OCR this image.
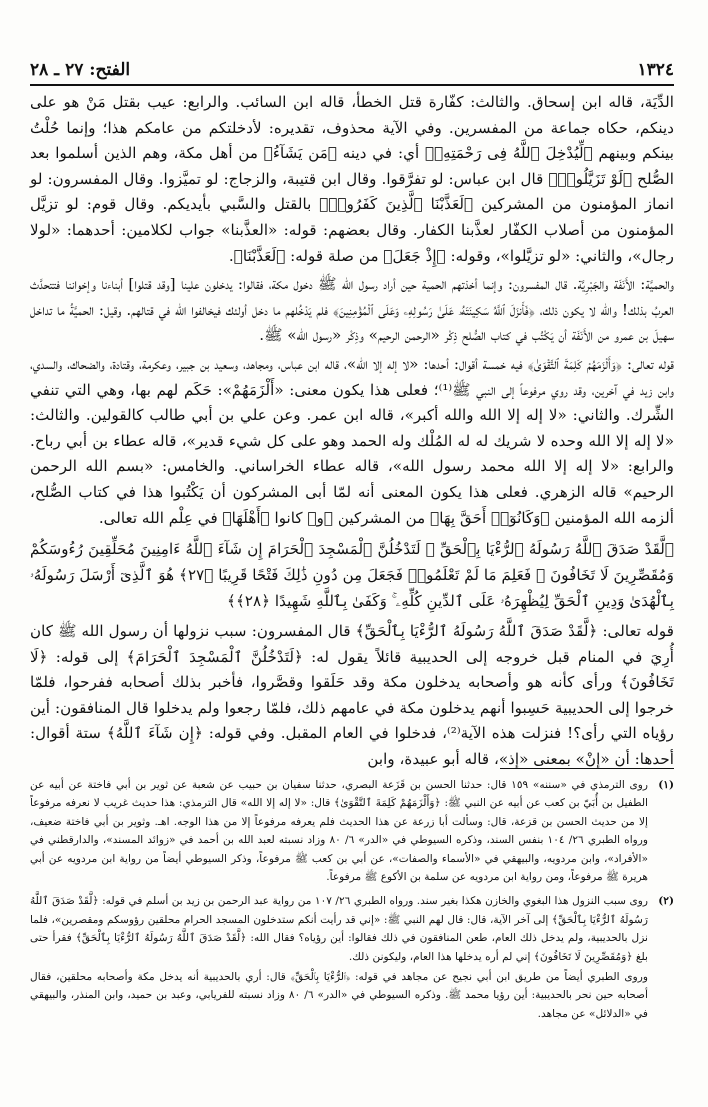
الفتح: ٢٧ ـ ٢٨	١٣٢٤

الدِّيَة، قاله ابن إسحاق. والثالث: كفّارة قتل الخطأ، قاله ابن السائب. والرابع: عيب بقتل مَنْ هو على دينكم، حكاه جماعة من المفسرين. وفي الآية محذوف، تقديره: لأدخلتكم من عامكم هذا؛ وإنما حُلْتُ بينكم وبينهم ﴿لِّيُدْخِلَ ٱللَّهُ فِى رَحْمَتِهِۦ﴾ أي: في دينه ﴿مَن يَشَآءُ﴾ من أهل مكة، وهم الذين أسلموا بعد الصُّلح ﴿لَوْ تَزَيَّلُوا۟﴾ قال ابن عباس: لو تفرَّقوا. وقال ابن قتيبة، والزجاج: لو تميَّزوا. وقال المفسرون: لو انماز المؤمنون من المشركين ﴿لَعَذَّبْنَا ٱلَّذِينَ كَفَرُوا۟﴾ بالقتل والسَّبي بأيديكم. وقال قوم: لو تزيَّل المؤمنون من أصلاب الكفّار لعذَّبنا الكفار. وقال بعضهم: قوله: «العذَّبنا» جواب لكلامين: أحدهما: «لولا رجال»، والثاني: «لو تزيَّلوا»، وقوله: ﴿إِذْ جَعَلَ﴾ من صلة قوله: ﴿لَعَذَّبْنَا﴾.

والحميَّة: الأَنَفَة والجَبْرِيَّة. قال المفسرون: وإنما أخذتهم الحمية حين أراد رسول الله ﷺ دخول مكة، فقالوا: يدخلون علينا [وقد قتلوا] أبناءنا وإخواننا فتتحدَّث العربُ بذلك! والله لا يكون ذلك، ﴿فَأَنزَلَ ٱللَّهُ سَكِينَتَهُۥ عَلَىٰ رَسُولِهِۦ وَعَلَى ٱلْمُؤْمِنِينَ﴾ فلم يَدْخُلهم ما دخل أولئك فيخالفوا الله في قتالهم. وقيل: الحميَّةُ ما تداخل سهيلَ بن عمرو من الأَنَفَة أن يَكْتُب في كتاب الصُّلح ذِكْر «الرحمن الرحيم» وذِكْر «رسول الله» ﷺ.

قوله تعالى: ﴿وَأَلْزَمَهُمْ كَلِمَةَ ٱلتَّقْوَىٰ﴾ فيه خمسة أقوال: أحدها: «لا إله إلا الله»، قاله ابن عباس، ومجاهد، وسعيد بن جبير، وعكرمة، وقتادة، والضحاك، والسدي، وابن زيد في آخرين، وقد روي مرفوعاً إلى النبي ﷺ⁽¹⁾؛ فعلى هذا يكون معنى: «أَلْزَمَهُمْ»: حَكَم لهم بها، وهي التي تنفي الشِّرك. والثاني: «لا إله إلا الله والله أكبر»، قاله ابن عمر. وعن علي بن أبي طالب كالقولين. والثالث: «لا إله إلا الله وحده لا شريك له له المُلْك وله الحمد وهو على كل شيء قدير»، قاله عطاء بن أبي رباح. والرابع: «لا إله إلا الله محمد رسول الله»، قاله عطاء الخراساني. والخامس: «بسم الله الرحمن الرحيم» قاله الزهري. فعلى هذا يكون المعنى أنه لمّا أبى المشركون أن يَكْتُبوا هذا في كتاب الصُّلح، ألزمه الله المؤمنين ﴿وَكَانُوٓا۟ أَحَقَّ بِهَا﴾ من المشركين ﴿و﴾ كانوا ﴿أَهْلَهَا﴾ في عِلْم الله تعالى.

﴿لَّقَدْ صَدَقَ ٱللَّهُ رَسُولَهُ ٱلرُّءْيَا بِٱلْحَقِّ ۖ لَتَدْخُلُنَّ ٱلْمَسْجِدَ ٱلْحَرَامَ إِن شَآءَ ٱللَّهُ ءَامِنِينَ مُحَلِّقِينَ رُءُوسَكُمْ وَمُقَصِّرِينَ لَا تَخَافُونَ ۖ فَعَلِمَ مَا لَمْ تَعْلَمُوا۟ فَجَعَلَ مِن دُونِ ذَٰلِكَ فَتْحًا قَرِيبًا ﴿٢٧﴾ هُوَ ٱلَّذِىٓ أَرْسَلَ رَسُولَهُۥ بِٱلْهُدَىٰ وَدِينِ ٱلْحَقِّ لِيُظْهِرَهُۥ عَلَى ٱلدِّينِ كُلِّهِۦ ۚ وَكَفَىٰ بِٱللَّهِ شَهِيدًا ﴿٢٨﴾﴾

قوله تعالى: ﴿لَّقَدْ صَدَقَ ٱللَّهُ رَسُولَهُ ٱلرُّءْيَا بِٱلْحَقِّ﴾ قال المفسرون: سبب نزولها أن رسول الله ﷺ كان أُرِيَ في المنام قبل خروجه إلى الحديبية قائلاً يقول له: ﴿لَتَدْخُلُنَّ ٱلْمَسْجِدَ ٱلْحَرَامَ﴾ إلى قوله: ﴿لَا تَخَافُونَ﴾ ورأى كأنه هو وأصحابه يدخلون مكة وقد حَلَقوا وقصَّروا، فأخبر بذلك أصحابه ففرحوا، فلمّا خرجوا إلى الحديبية حَسِبوا أنهم يدخلون مكة في عامهم ذلك، فلمّا رجعوا ولم يدخلوا قال المنافقون: أين رؤياه التي رأى؟! فنزلت هذه الآية⁽²⁾، فدخلوا في العام المقبل. وفي قوله: ﴿إِن شَآءَ ٱللَّهُ﴾ ستة أقوال: أحدها: أن «إنْ» بمعنى «إذ»، قاله أبو عبيدة، وابن

(١)
روى الترمذي في «سننه» ١٥٩ قال: حدثنا الحسن بن قَزَعة البصري، حدثنا سفيان بن حبيب عن شعبة عن ثوير بن أبي فاختة عن أبيه عن الطفيل بن أُبَيّ بن كعب عن أبيه عن النبي ﷺ: ﴿وَأَلْزَمَهُمْ كَلِمَةَ ٱلتَّقْوَىٰ﴾ قال: «لا إله إلا الله» قال الترمذي: هذا حديث غريب لا نعرفه مرفوعاً إلا من حديث الحسن بن قزعة، قال: وسألت أبا زرعة عن هذا الحديث فلم يعرفه مرفوعاً إلا من هذا الوجه. اهـ. وثوير بن أبي فاختة ضعيف، ورواه الطبري ٢٦/ ١٠٤ بنفس السند، وذكره السيوطي في «الدر» ٦/ ٨٠ وزاد نسبته لعبد الله بن أحمد في «زوائد المسند»، والدارقطني في «الأفراد»، وابن مردويه، والبيهقي في «الأسماء والصفات»، عن أبي بن كعب ﷺ مرفوعاً، وذكر السيوطي أيضاً من رواية ابن مردويه عن أبي هريرة ﷺ مرفوعاً، ومن رواية ابن مردويه عن سلمة بن الأكوع ﷺ مرفوعاً.
(٢)
روى سبب النزول هذا البغوي والخازن هكذا بغير سند. ورواه الطبري ٢٦/ ١٠٧ من رواية عبد الرحمن بن زيد بن أسلم في قوله: ﴿لَّقَدْ صَدَقَ ٱللَّهُ رَسُولَهُ ٱلرُّءْيَا بِٱلْحَقِّ﴾ إلى آخر الآية، قال: قال لهم النبي ﷺ: «إني قد رأيت أنكم ستدخلون المسجد الحرام محلقين رؤوسكم ومقصرين»، فلما نزل بالحديبية، ولم يدخل ذلك العام، طعن المنافقون في ذلك فقالوا: أين رؤياه؟ فقال الله: ﴿لَّقَدْ صَدَقَ ٱللَّهُ رَسُولَهُ ٱلرُّءْيَا بِٱلْحَقِّ﴾ فقرأ حتى بلغ ﴿وَمُقَصِّرِينَ لَا تَخَافُونَ﴾ إني لم أره يدخلها هذا العام، وليكونن ذلك.
وروى الطبري أيضاً من طريق ابن أبي نجيح عن مجاهد في قوله: ﴿ٱلرُّءْيَا بِٱلْحَقِّ﴾ قال: أري بالحديبية أنه يدخل مكة وأصحابه محلقين، فقال أصحابه حين نحر بالحديبية: أين رؤيا محمد ﷺ. وذكره السيوطي في «الدر» ٦/ ٨٠ وزاد نسبته للفريابي، وعبد بن حميد، وابن المنذر، والبيهقي في «الدلائل» عن مجاهد.
